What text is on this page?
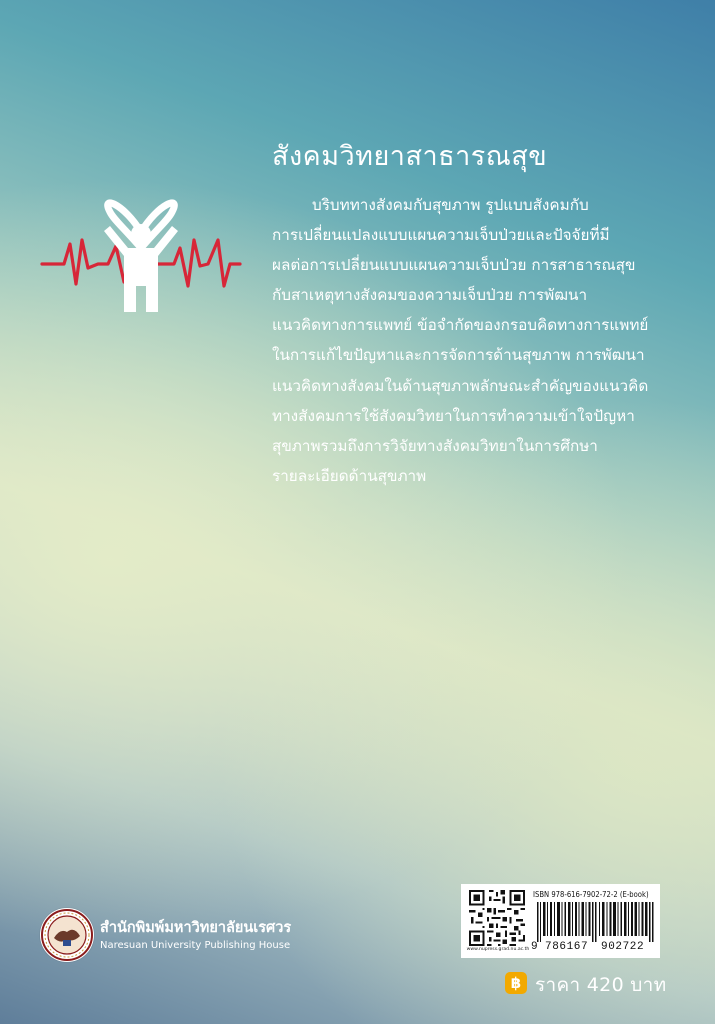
สังคมวิทยาสาธารณสุข
บริบททางสังคมกับสุขภาพ รูปแบบสังคมกับ
การเปลี่ยนแปลงแบบแผนความเจ็บป่วยและปัจจัยที่มี
ผลต่อการเปลี่ยนแบบแผนความเจ็บป่วย การสาธารณสุข
กับสาเหตุทางสังคมของความเจ็บป่วย การพัฒนา
แนวคิดทางการแพทย์ ข้อจำกัดของกรอบคิดทางการแพทย์
ในการแก้ไขปัญหาและการจัดการด้านสุขภาพ การพัฒนา
แนวคิดทางสังคมในด้านสุขภาพลักษณะสำคัญของแนวคิด
ทางสังคมการใช้สังคมวิทยาในการทำความเข้าใจปัญหา
สุขภาพรวมถึงการวิจัยทางสังคมวิทยาในการศึกษา
รายละเอียดด้านสุขภาพ
สำนักพิมพ์มหาวิทยาลัยนเรศวร
Naresuan University Publishing House	www.nupress.grad.nu.ac.th
ISBN 978-616-7902-72-2 (E-book)
9 786167 902722
฿ ราคา 420 บาท
